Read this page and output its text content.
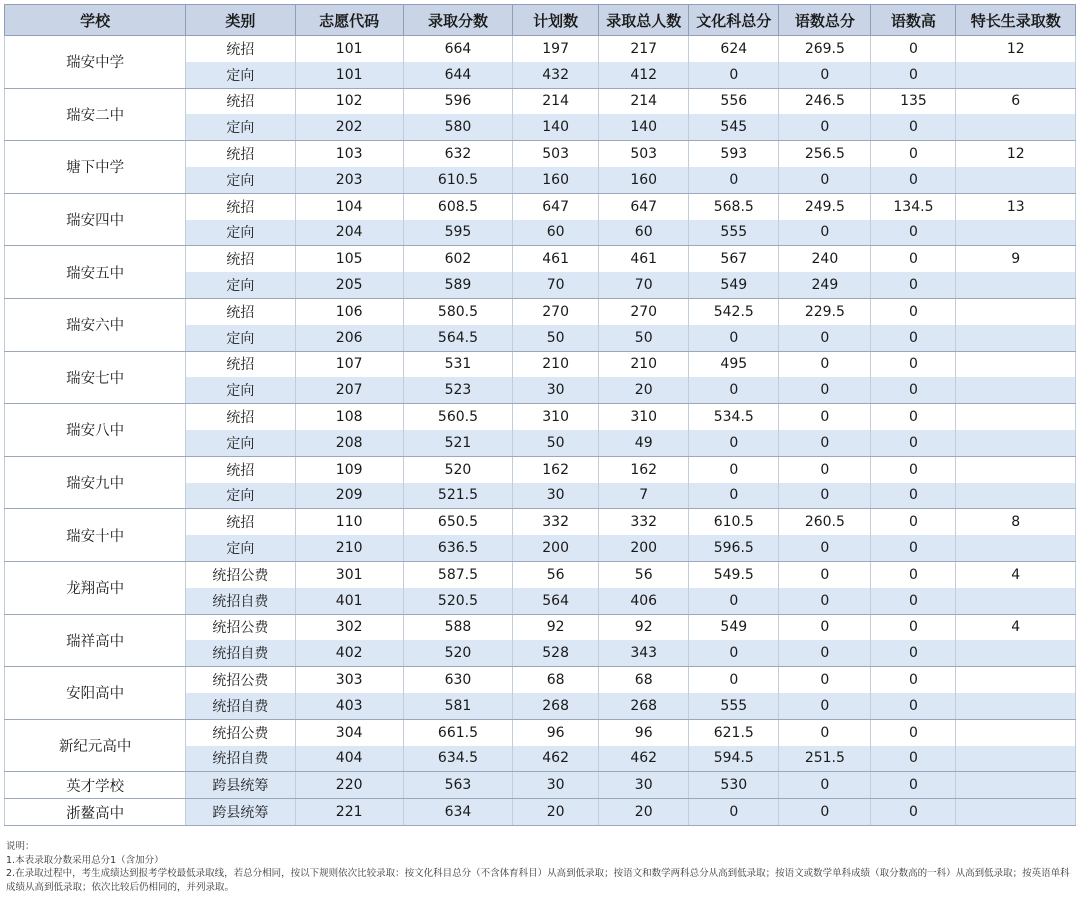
学校	类别	志愿代码	录取分数	计划数	录取总人数	文化科总分	语数总分	语数高	特长生录取数
瑞安中学	统招	101	664	197	217	624	269.5	0	12
	定向	101	644	432	412	0	0	0	
瑞安二中	统招	102	596	214	214	556	246.5	135	6
	定向	202	580	140	140	545	0	0	
塘下中学	统招	103	632	503	503	593	256.5	0	12
	定向	203	610.5	160	160	0	0	0	
瑞安四中	统招	104	608.5	647	647	568.5	249.5	134.5	13
	定向	204	595	60	60	555	0	0	
瑞安五中	统招	105	602	461	461	567	240	0	9
	定向	205	589	70	70	549	249	0	
瑞安六中	统招	106	580.5	270	270	542.5	229.5	0	
	定向	206	564.5	50	50	0	0	0	
瑞安七中	统招	107	531	210	210	495	0	0	
	定向	207	523	30	20	0	0	0	
瑞安八中	统招	108	560.5	310	310	534.5	0	0	
	定向	208	521	50	49	0	0	0	
瑞安九中	统招	109	520	162	162	0	0	0	
	定向	209	521.5	30	7	0	0	0	
瑞安十中	统招	110	650.5	332	332	610.5	260.5	0	8
	定向	210	636.5	200	200	596.5	0	0	
龙翔高中	统招公费	301	587.5	56	56	549.5	0	0	4
	统招自费	401	520.5	564	406	0	0	0	
瑞祥高中	统招公费	302	588	92	92	549	0	0	4
	统招自费	402	520	528	343	0	0	0	
安阳高中	统招公费	303	630	68	68	0	0	0	
	统招自费	403	581	268	268	555	0	0	
新纪元高中	统招公费	304	661.5	96	96	621.5	0	0	
	统招自费	404	634.5	462	462	594.5	251.5	0	
英才学校	跨县统筹	220	563	30	30	530	0	0	
浙鳌高中	跨县统筹	221	634	20	20	0	0	0	
说明：
1.本表录取分数采用总分1（含加分）
2.在录取过程中，考生成绩达到报考学校最低录取线，若总分相同，按以下规则依次比较录取：按文化科目总分（不含体育科目）从高到低录取；按语文和数学两科总分从高到低录取；按语文或数学单科成绩（取分数高的一科）从高到低录取；按英语单科成绩从高到低录取；依次比较后仍相同的，并列录取。
